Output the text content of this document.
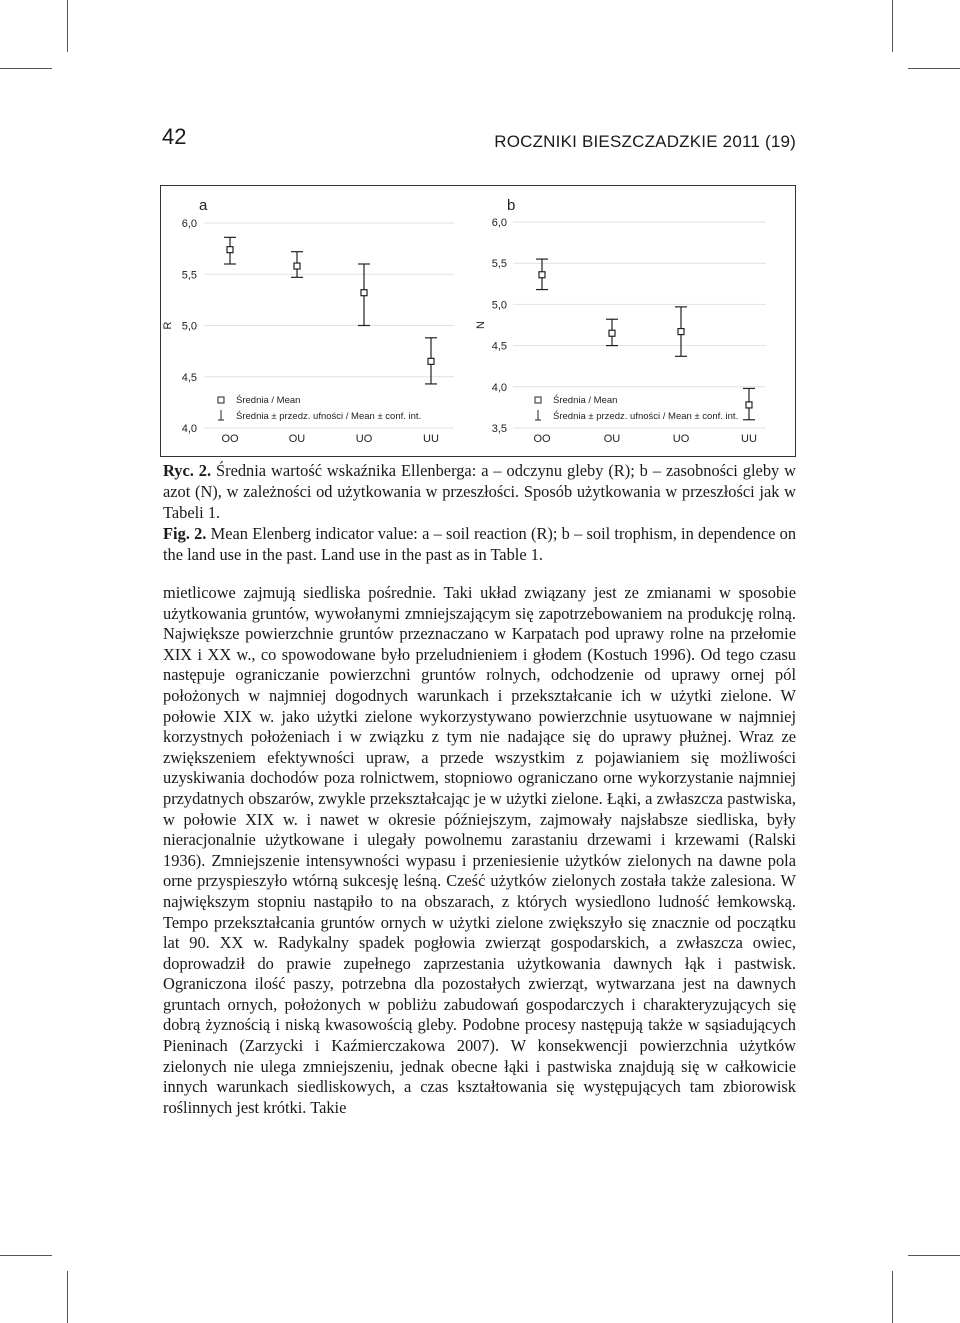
42	ROCZNIKI BIESZCZADZKIE 2011 (19)
4,0
4,5
5,0
5,5
6,0
a
R
OO	OU	UO	UU
Średnia / Mean
Średnia ± przedz. ufności / Mean ± conf. int.
3,5
4,0
4,5
5,0
5,5
6,0
b
N
OO	OU	UO	UU
Średnia / Mean
Średnia ± przedz. ufności / Mean ± conf. int.

Ryc. 2. Średnia wartość wskaźnika Ellenberga: a – odczynu gleby (R); b – zasobności gleby w azot (N), w zależności od użytkowania w przeszłości. Sposób użytkowania w przeszłości jak w Tabeli 1.

Fig. 2. Mean Elenberg indicator value: a – soil reaction (R); b – soil trophism, in dependence on the land use in the past. Land use in the past as in Table 1.

mietlicowe zajmują siedliska pośrednie. Taki układ związany jest ze zmianami w sposobie użytkowania gruntów, wywołanymi zmniejszającym się zapotrzebowaniem na produkcję rolną. Największe powierzchnie gruntów przeznaczano w Karpatach pod uprawy rolne na przełomie XIX i XX w., co spowodowane było przeludnieniem i głodem (Kostuch 1996). Od tego czasu następuje ograniczanie powierzchni gruntów rolnych, odchodzenie od uprawy ornej pól położonych w najmniej dogodnych warunkach i przekształcanie ich w użytki zielone. W połowie XIX w. jako użytki zielone wykorzystywano powierzchnie usytuowane w najmniej korzystnych położeniach i w związku z tym nie nadające się do uprawy płużnej. Wraz ze zwiększeniem efektywności upraw, a przede wszystkim z pojawianiem się możliwości uzyskiwania dochodów poza rolnictwem, stopniowo ograniczano orne wykorzystanie najmniej przydatnych obszarów, zwykle przekształcając je w użytki zielone. Łąki, a zwłaszcza pastwiska, w połowie XIX w. i nawet w okresie późniejszym, zajmowały najsłabsze siedliska, były nieracjonalnie użytkowane i ulegały powolnemu zarastaniu drzewami i krzewami (Ralski 1936). Zmniejszenie intensywności wypasu i przeniesienie użytków zielonych na dawne pola orne przyspieszyło wtórną sukcesję leśną. Cześć użytków zielonych została także zalesiona. W największym stopniu nastąpiło to na obszarach, z których wysiedlono ludność łemkowską. Tempo przekształcania gruntów ornych w użytki zielone zwiększyło się znacznie od początku lat 90. XX w. Radykalny spadek pogłowia zwierząt gospodarskich, a zwłaszcza owiec, doprowadził do prawie zupełnego zaprzestania użytkowania dawnych łąk i pastwisk. Ograniczona ilość paszy, potrzebna dla pozostałych zwierząt, wytwarzana jest na dawnych gruntach ornych, położonych w pobliżu zabudowań gospodarczych i charakteryzujących się dobrą żyznością i niską kwasowością gleby. Podobne procesy następują także w sąsiadujących Pieninach (Zarzycki i Kaźmierczakowa 2007). W konsekwencji powierzchnia użytków zielonych nie ulega zmniejszeniu, jednak obecne łąki i pastwiska znajdują się w całkowicie innych warunkach siedliskowych, a czas kształtowania się występujących tam zbiorowisk roślinnych jest krótki. Takie
